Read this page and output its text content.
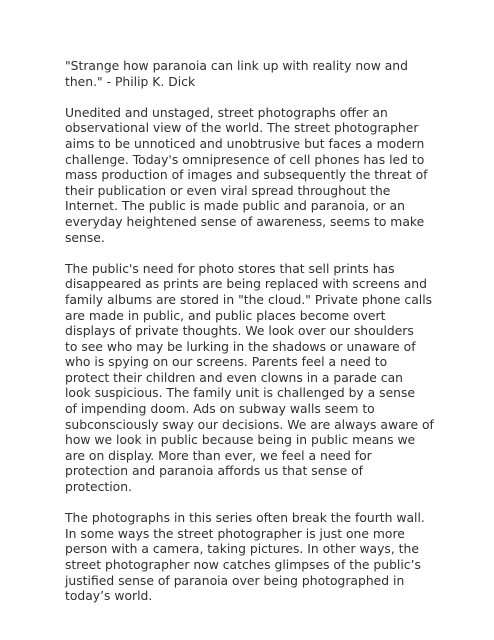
"Strange how paranoia can link up with reality now and
then." - Philip K. Dick

Unedited and unstaged, street photographs offer an
observational view of the world. The street photographer
aims to be unnoticed and unobtrusive but faces a modern
challenge. Today's omnipresence of cell phones has led to
mass production of images and subsequently the threat of
their publication or even viral spread throughout the
Internet. The public is made public and paranoia, or an
everyday heightened sense of awareness, seems to make
sense.

The public's need for photo stores that sell prints has
disappeared as prints are being replaced with screens and
family albums are stored in "the cloud." Private phone calls
are made in public, and public places become overt
displays of private thoughts. We look over our shoulders
to see who may be lurking in the shadows or unaware of
who is spying on our screens. Parents feel a need to
protect their children and even clowns in a parade can
look suspicious. The family unit is challenged by a sense
of impending doom. Ads on subway walls seem to
subconsciously sway our decisions. We are always aware of
how we look in public because being in public means we
are on display. More than ever, we feel a need for
protection and paranoia affords us that sense of
protection.

The photographs in this series often break the fourth wall.
In some ways the street photographer is just one more
person with a camera, taking pictures. In other ways, the
street photographer now catches glimpses of the public’s
justified sense of paranoia over being photographed in
today’s world.
